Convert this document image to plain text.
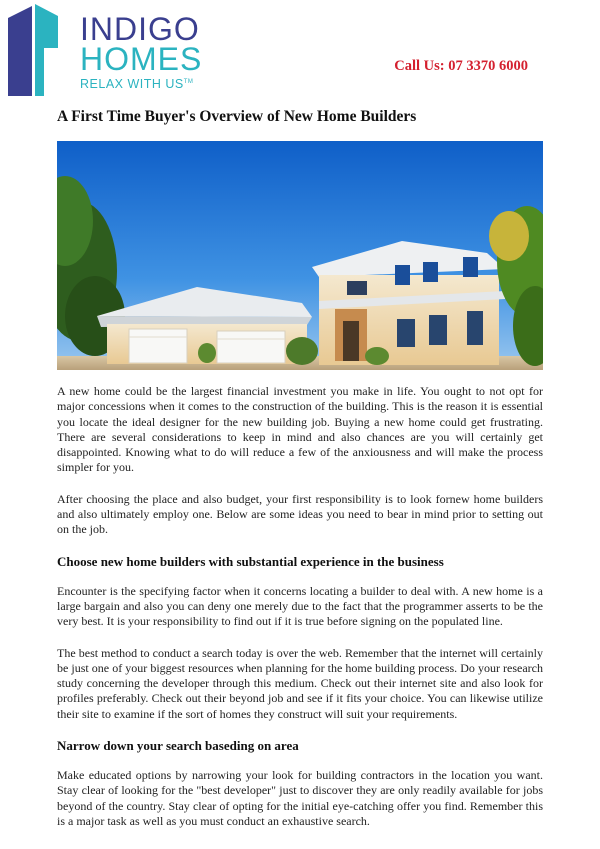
INDIGO
HOMES
RELAX WITH US™
Call Us: 07 3370 6000
A First Time Buyer's Overview of New Home Builders

A new home could be the largest financial investment you make in life. You ought to not opt for major concessions when it comes to the construction of the building. This is the reason it is essential you locate the ideal designer for the new building job. Buying a new home could get frustrating. There are several considerations to keep in mind and also chances are you will certainly get disappointed. Knowing what to do will reduce a few of the anxiousness and will make the process simpler for you.

After choosing the place and also budget, your first responsibility is to look fornew home builders and also ultimately employ one. Below are some ideas you need to bear in mind prior to setting out on the job.

Choose new home builders with substantial experience in the business

Encounter is the specifying factor when it concerns locating a builder to deal with. A new home is a large bargain and also you can deny one merely due to the fact that the programmer asserts to be the very best. It is your responsibility to find out if it is true before signing on the populated line.

The best method to conduct a search today is over the web. Remember that the internet will certainly be just one of your biggest resources when planning for the home building process. Do your research study concerning the developer through this medium. Check out their internet site and also look for profiles preferably. Check out their beyond job and see if it fits your choice. You can likewise utilize their site to examine if the sort of homes they construct will suit your requirements.

Narrow down your search baseding on area

Make educated options by narrowing your look for building contractors in the location you want. Stay clear of looking for the "best developer" just to discover they are only readily available for jobs beyond of the country. Stay clear of opting for the initial eye-catching offer you find. Remember this is a major task as well as you must conduct an exhaustive search.
